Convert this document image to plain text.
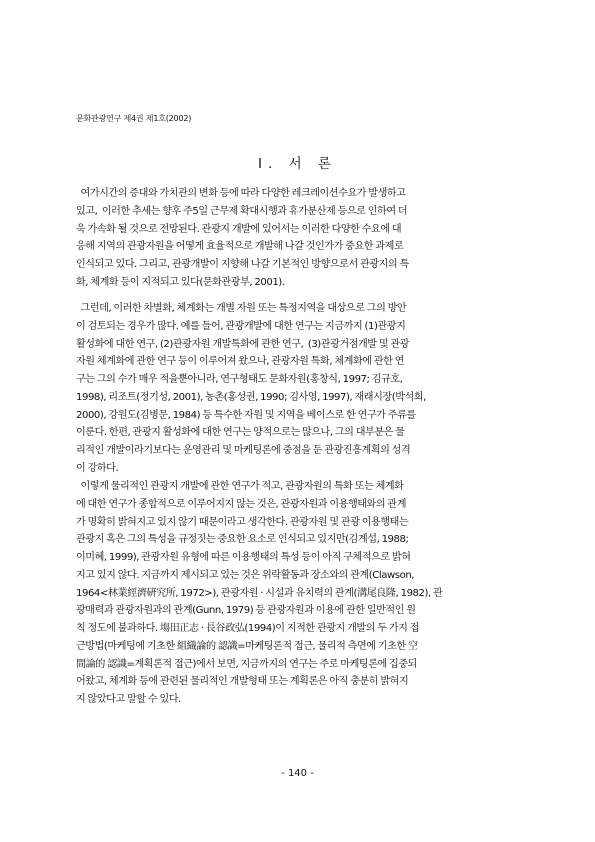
문화관광연구 제4권 제1호(2002)
Ⅰ. 서 론
여가시간의 증대와 가치관의 변화 등에 따라 다양한 레크레이션수요가 발생하고
있고,  이러한 추세는 향후 주5일 근무제 확대시행과 휴가분산제 등으로 인하여 더
욱 가속화 될 것으로 전망된다. 관광지 개발에 있어서는 이러한 다양한 수요에 대
응해 지역의 관광자원을 어떻게 효율적으로 개발해 나갈 것인가가 중요한 과제로
인식되고 있다. 그리고, 관광개발이 지향해 나갈 기본적인 방향으로서 관광지의 특
화, 체계화 등이 지적되고 있다(문화관광부, 2001).
그런데, 이러한 차별화, 체계화는 개별 자원 또는 특정지역을 대상으로 그의 방안
이 검토되는 경우가 많다. 예를 들어, 관광개발에 대한 연구는 지금까지 (1)관광지
활성화에 대한 연구, (2)관광자원 개발특화에 관한 연구,  (3)관광거점개발 및 관광
자원 체계화에 관한 연구 등이 이루어져 왔으나, 관광자원 특화, 체계화에 관한 연
구는 그의 수가 매우 적을뿐아니라, 연구형태도 문화자원(홍창식, 1997; 김규호,
1998), 리조트(정기성, 2001), 농촌(홍성권, 1990; 김사영, 1997), 재래시장(박석희,
2000), 강원도(김병문, 1984) 등 특수한 자원 및 지역을 베이스로 한 연구가 주류를
이룬다. 한편, 관광지 활성화에 대한 연구는 양적으로는 많으나, 그의 대부분은 물
리적인 개발이라기보다는 운영관리 및 마케팅론에 중점을 둔 관광진흥계획의 성격
이 강하다.
이렇게 물리적인 관광지 개발에 관한 연구가 적고, 관광자원의 특화 또는 체계화
에 대한 연구가 종합적으로 이루어지지 않는 것은, 관광자원과 이용행태와의 관계
가 명확히 밝혀지고 있지 않기 때문이라고 생각한다. 관광자원 및 관광 이용행태는
관광지 혹은 그의 특성을 규정짓는 중요한 요소로 인식되고 있지만(김계섭, 1988;
이미혜, 1999), 관광자원 유형에 따른 이용행태의 특성 등이 아직 구체적으로 밝혀
지고 있지 않다. 지금까지 제시되고 있는 것은 위락활동과 장소와의 관계(Clawson,
1964<林業經濟硏究所, 1972>), 관광자원 · 시설과 유치력의 관계(溝尾良隆, 1982), 관
광매력과 관광자원과의 관계(Gunn, 1979) 등 관광자원과 이용에 관한 일반적인 원
칙 정도에 불과하다. 塲田正志 · 長谷政弘(1994)이 지적한 관광지 개발의 두 가지 접
근방법(마케팅에 기초한 組織論的 認識=마케팅론적 접근, 물리적 측면에 기초한 空
間論的 認識=계획론적 접근)에서 보면, 지금까지의 연구는 주로 마케팅론에 집중되
어왔고, 체계화 등에 관련된 물리적인 개발형태 또는 계획론은 아직 충분히 밝혀지
지 않았다고 말할 수 있다.
- 140 -
